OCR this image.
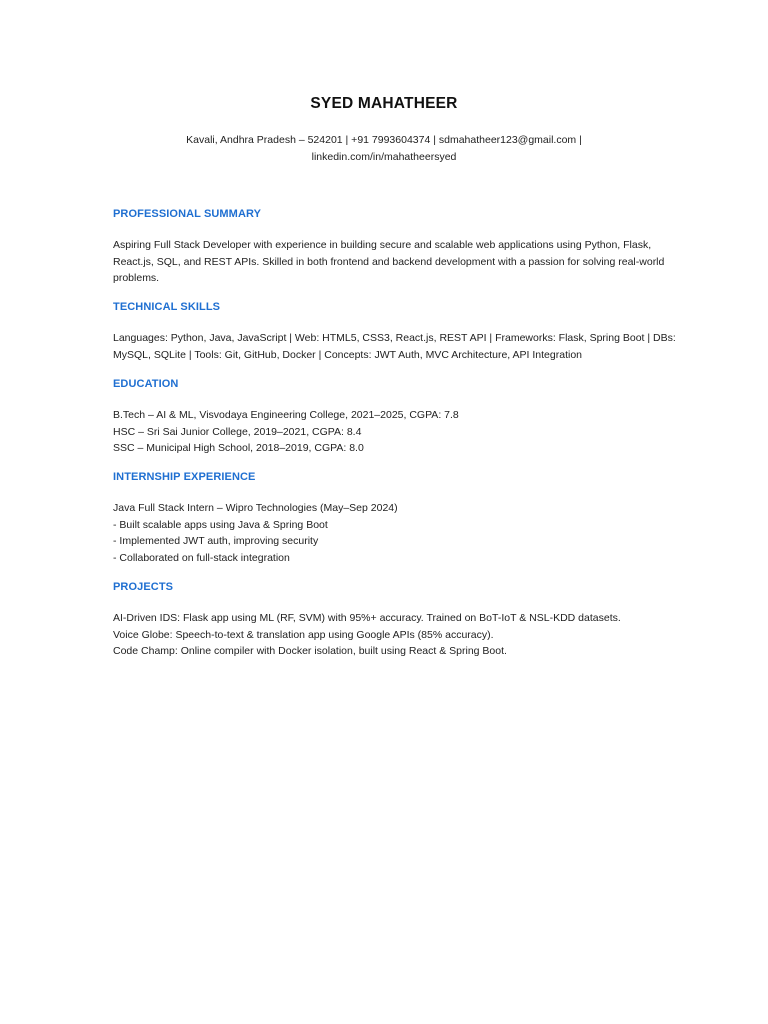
SYED MAHATHEER
Kavali, Andhra Pradesh – 524201 | +91 7993604374 | sdmahatheer123@gmail.com |
linkedin.com/in/mahatheersyed
PROFESSIONAL SUMMARY
Aspiring Full Stack Developer with experience in building secure and scalable web applications using Python, Flask,
React.js, SQL, and REST APIs. Skilled in both frontend and backend development with a passion for solving real-world
problems.
TECHNICAL SKILLS
Languages: Python, Java, JavaScript | Web: HTML5, CSS3, React.js, REST API | Frameworks: Flask, Spring Boot | DBs:
MySQL, SQLite | Tools: Git, GitHub, Docker | Concepts: JWT Auth, MVC Architecture, API Integration
EDUCATION
B.Tech – AI & ML, Visvodaya Engineering College, 2021–2025, CGPA: 7.8
HSC – Sri Sai Junior College, 2019–2021, CGPA: 8.4
SSC – Municipal High School, 2018–2019, CGPA: 8.0
INTERNSHIP EXPERIENCE
Java Full Stack Intern – Wipro Technologies (May–Sep 2024)
- Built scalable apps using Java & Spring Boot
- Implemented JWT auth, improving security
- Collaborated on full-stack integration
PROJECTS
AI-Driven IDS: Flask app using ML (RF, SVM) with 95%+ accuracy. Trained on BoT-IoT & NSL-KDD datasets.
Voice Globe: Speech-to-text & translation app using Google APIs (85% accuracy).
Code Champ: Online compiler with Docker isolation, built using React & Spring Boot.
